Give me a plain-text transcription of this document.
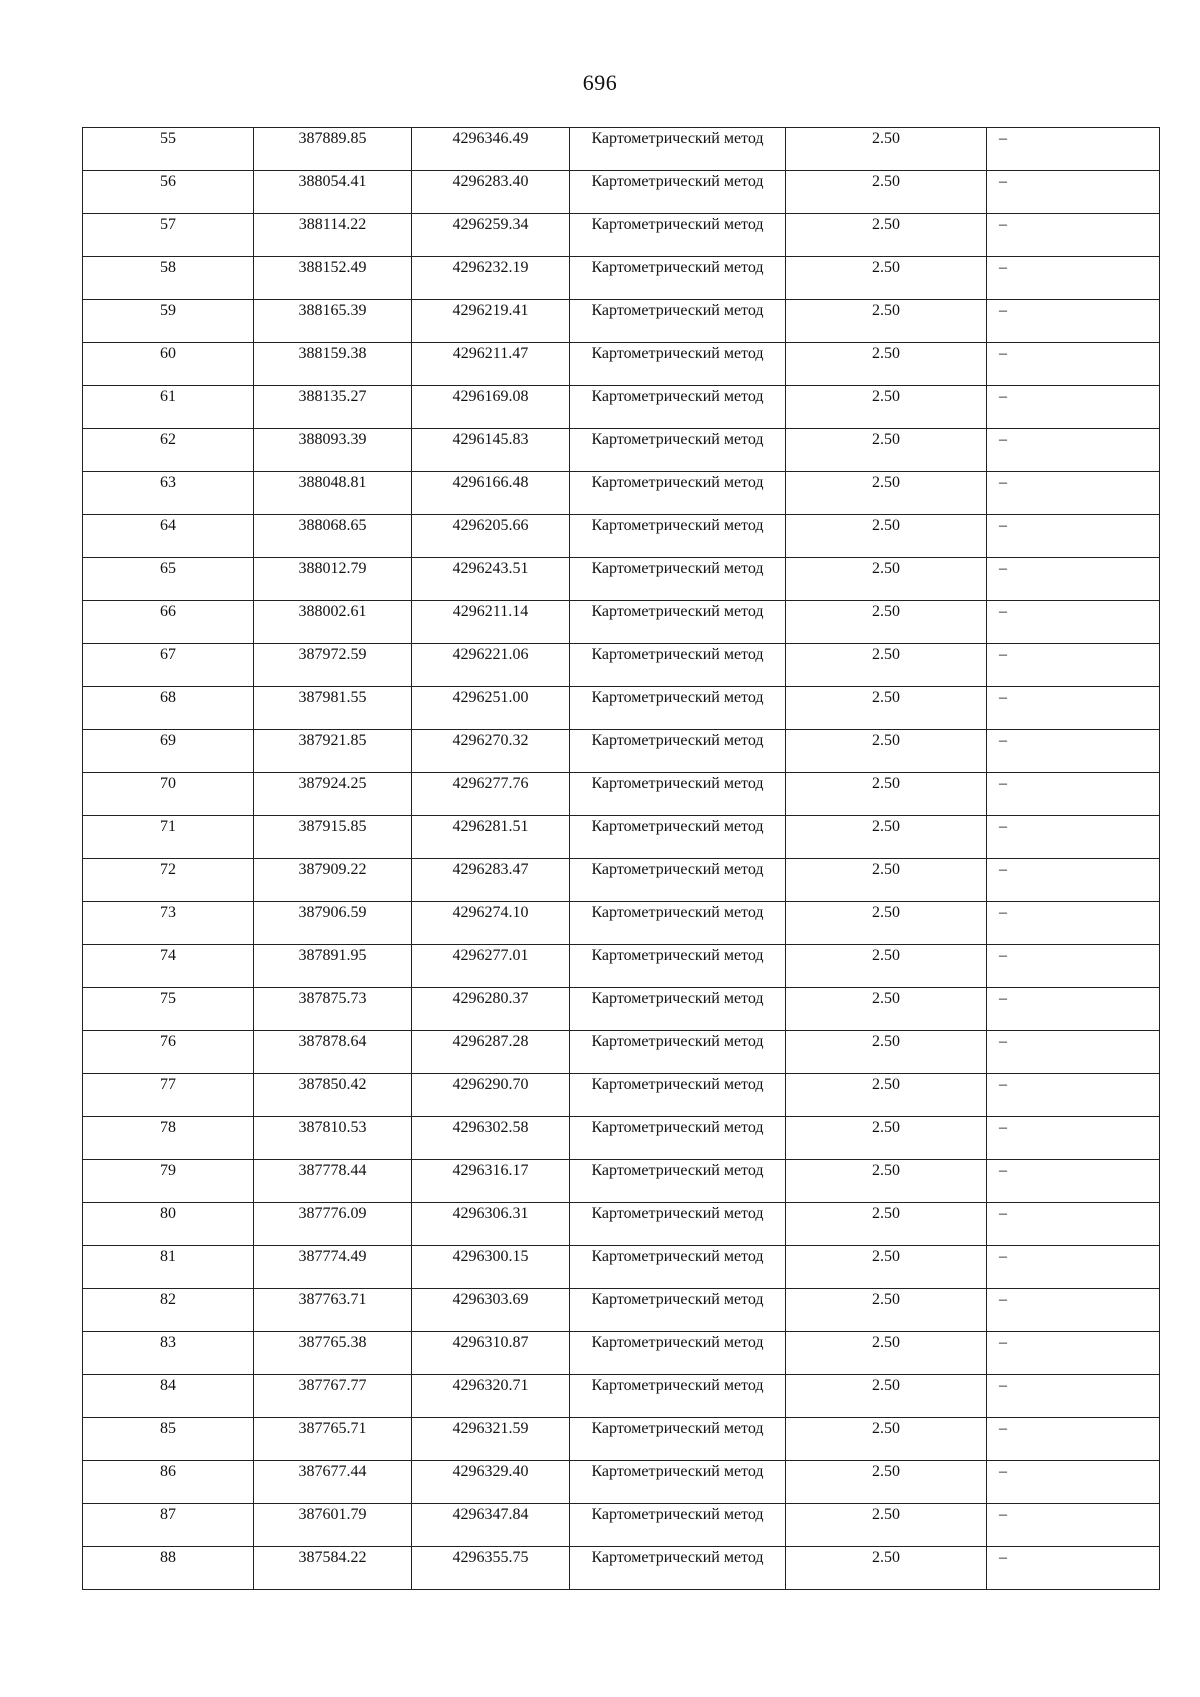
696
55	387889.85	4296346.49	Картометрический метод	2.50	–
56	388054.41	4296283.40	Картометрический метод	2.50	–
57	388114.22	4296259.34	Картометрический метод	2.50	–
58	388152.49	4296232.19	Картометрический метод	2.50	–
59	388165.39	4296219.41	Картометрический метод	2.50	–
60	388159.38	4296211.47	Картометрический метод	2.50	–
61	388135.27	4296169.08	Картометрический метод	2.50	–
62	388093.39	4296145.83	Картометрический метод	2.50	–
63	388048.81	4296166.48	Картометрический метод	2.50	–
64	388068.65	4296205.66	Картометрический метод	2.50	–
65	388012.79	4296243.51	Картометрический метод	2.50	–
66	388002.61	4296211.14	Картометрический метод	2.50	–
67	387972.59	4296221.06	Картометрический метод	2.50	–
68	387981.55	4296251.00	Картометрический метод	2.50	–
69	387921.85	4296270.32	Картометрический метод	2.50	–
70	387924.25	4296277.76	Картометрический метод	2.50	–
71	387915.85	4296281.51	Картометрический метод	2.50	–
72	387909.22	4296283.47	Картометрический метод	2.50	–
73	387906.59	4296274.10	Картометрический метод	2.50	–
74	387891.95	4296277.01	Картометрический метод	2.50	–
75	387875.73	4296280.37	Картометрический метод	2.50	–
76	387878.64	4296287.28	Картометрический метод	2.50	–
77	387850.42	4296290.70	Картометрический метод	2.50	–
78	387810.53	4296302.58	Картометрический метод	2.50	–
79	387778.44	4296316.17	Картометрический метод	2.50	–
80	387776.09	4296306.31	Картометрический метод	2.50	–
81	387774.49	4296300.15	Картометрический метод	2.50	–
82	387763.71	4296303.69	Картометрический метод	2.50	–
83	387765.38	4296310.87	Картометрический метод	2.50	–
84	387767.77	4296320.71	Картометрический метод	2.50	–
85	387765.71	4296321.59	Картометрический метод	2.50	–
86	387677.44	4296329.40	Картометрический метод	2.50	–
87	387601.79	4296347.84	Картометрический метод	2.50	–
88	387584.22	4296355.75	Картометрический метод	2.50	–
